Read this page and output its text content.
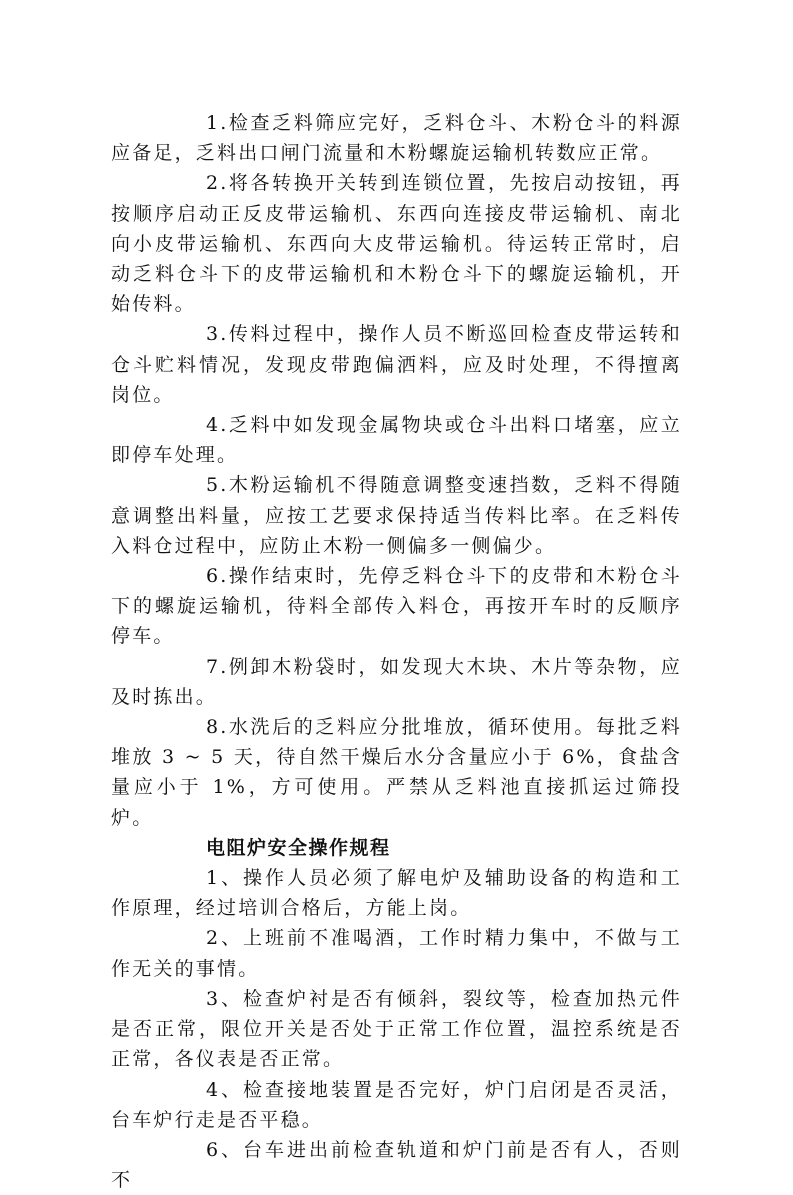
1.检查乏料筛应完好，乏料仓斗、木粉仓斗的料源应备足，乏料出口闸门流量和木粉螺旋运输机转数应正常。

2.将各转换开关转到连锁位置，先按启动按钮，再按顺序启动正反皮带运输机、东西向连接皮带运输机、南北向小皮带运输机、东西向大皮带运输机。待运转正常时，启动乏料仓斗下的皮带运输机和木粉仓斗下的螺旋运输机，开始传料。

3.传料过程中，操作人员不断巡回检查皮带运转和仓斗贮料情况，发现皮带跑偏洒料，应及时处理，不得擅离岗位。

4.乏料中如发现金属物块或仓斗出料口堵塞，应立即停车处理。

5.木粉运输机不得随意调整变速挡数，乏料不得随意调整出料量，应按工艺要求保持适当传料比率。在乏料传入料仓过程中，应防止木粉一侧偏多一侧偏少。

6.操作结束时，先停乏料仓斗下的皮带和木粉仓斗下的螺旋运输机，待料全部传入料仓，再按开车时的反顺序停车。

7.例卸木粉袋时，如发现大木块、木片等杂物，应及时拣出。

8.水洗后的乏料应分批堆放，循环使用。每批乏料堆放 3 ~ 5 天，待自然干燥后水分含量应小于 6%，食盐含量应小于 1%，方可使用。严禁从乏料池直接抓运过筛投炉。

电阻炉安全操作规程

1、操作人员必须了解电炉及辅助设备的构造和工作原理，经过培训合格后，方能上岗。

2、上班前不准喝酒，工作时精力集中，不做与工作无关的事情。

3、检查炉衬是否有倾斜，裂纹等，检查加热元件是否正常，限位开关是否处于正常工作位置，温控系统是否正常，各仪表是否正常。

4、检查接地装置是否完好，炉门启闭是否灵活，台车炉行走是否平稳。

6、台车进出前检查轨道和炉门前是否有人，否则不
